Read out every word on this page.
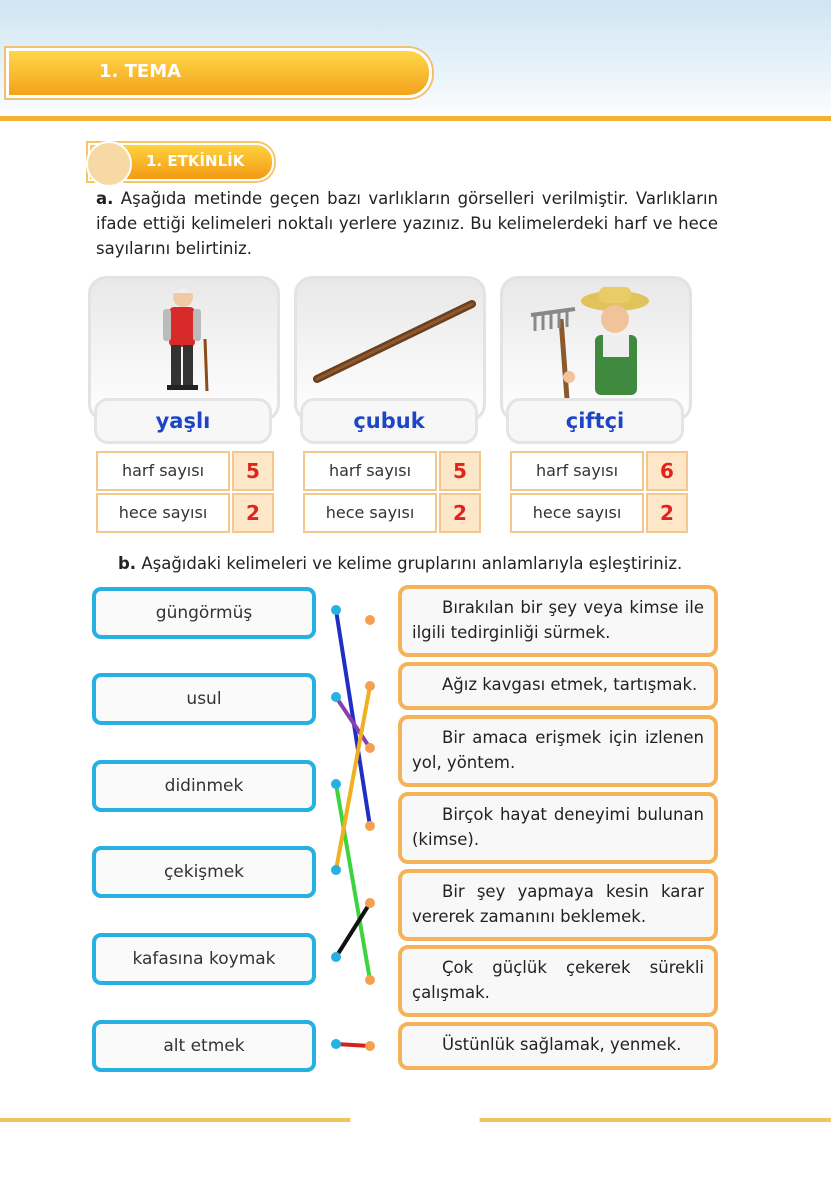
1. TEMA
1. ETKİNLİK
a. Aşağıda metinde geçen bazı varlıkların görselleri verilmiştir. Varlıkların ifade ettiği kelimeleri noktalı yerlere yazınız. Bu kelimelerdeki harf ve hece sayılarını belirtiniz.
yaşlı	çubuk	çiftçi
harf sayısı	5
hece sayısı	2
harf sayısı	5
hece sayısı	2
harf sayısı	6
hece sayısı	2
b. Aşağıdaki kelimeleri ve kelime gruplarını anlamlarıyla eşleştiriniz.
güngörmüş
usul
didinmek
çekişmek
kafasına koymak
alt etmek
Bırakılan bir şey veya kimse ile ilgili tedirginliği sürmek.
Ağız kavgası etmek, tartışmak.
Bir amaca erişmek için izlenen yol, yöntem.
Birçok hayat deneyimi bulunan (kimse).
Bir şey yapmaya kesin karar vererek zamanını beklemek.
Çok güçlük çekerek sürekli çalışmak.
Üstünlük sağlamak, yenmek.
